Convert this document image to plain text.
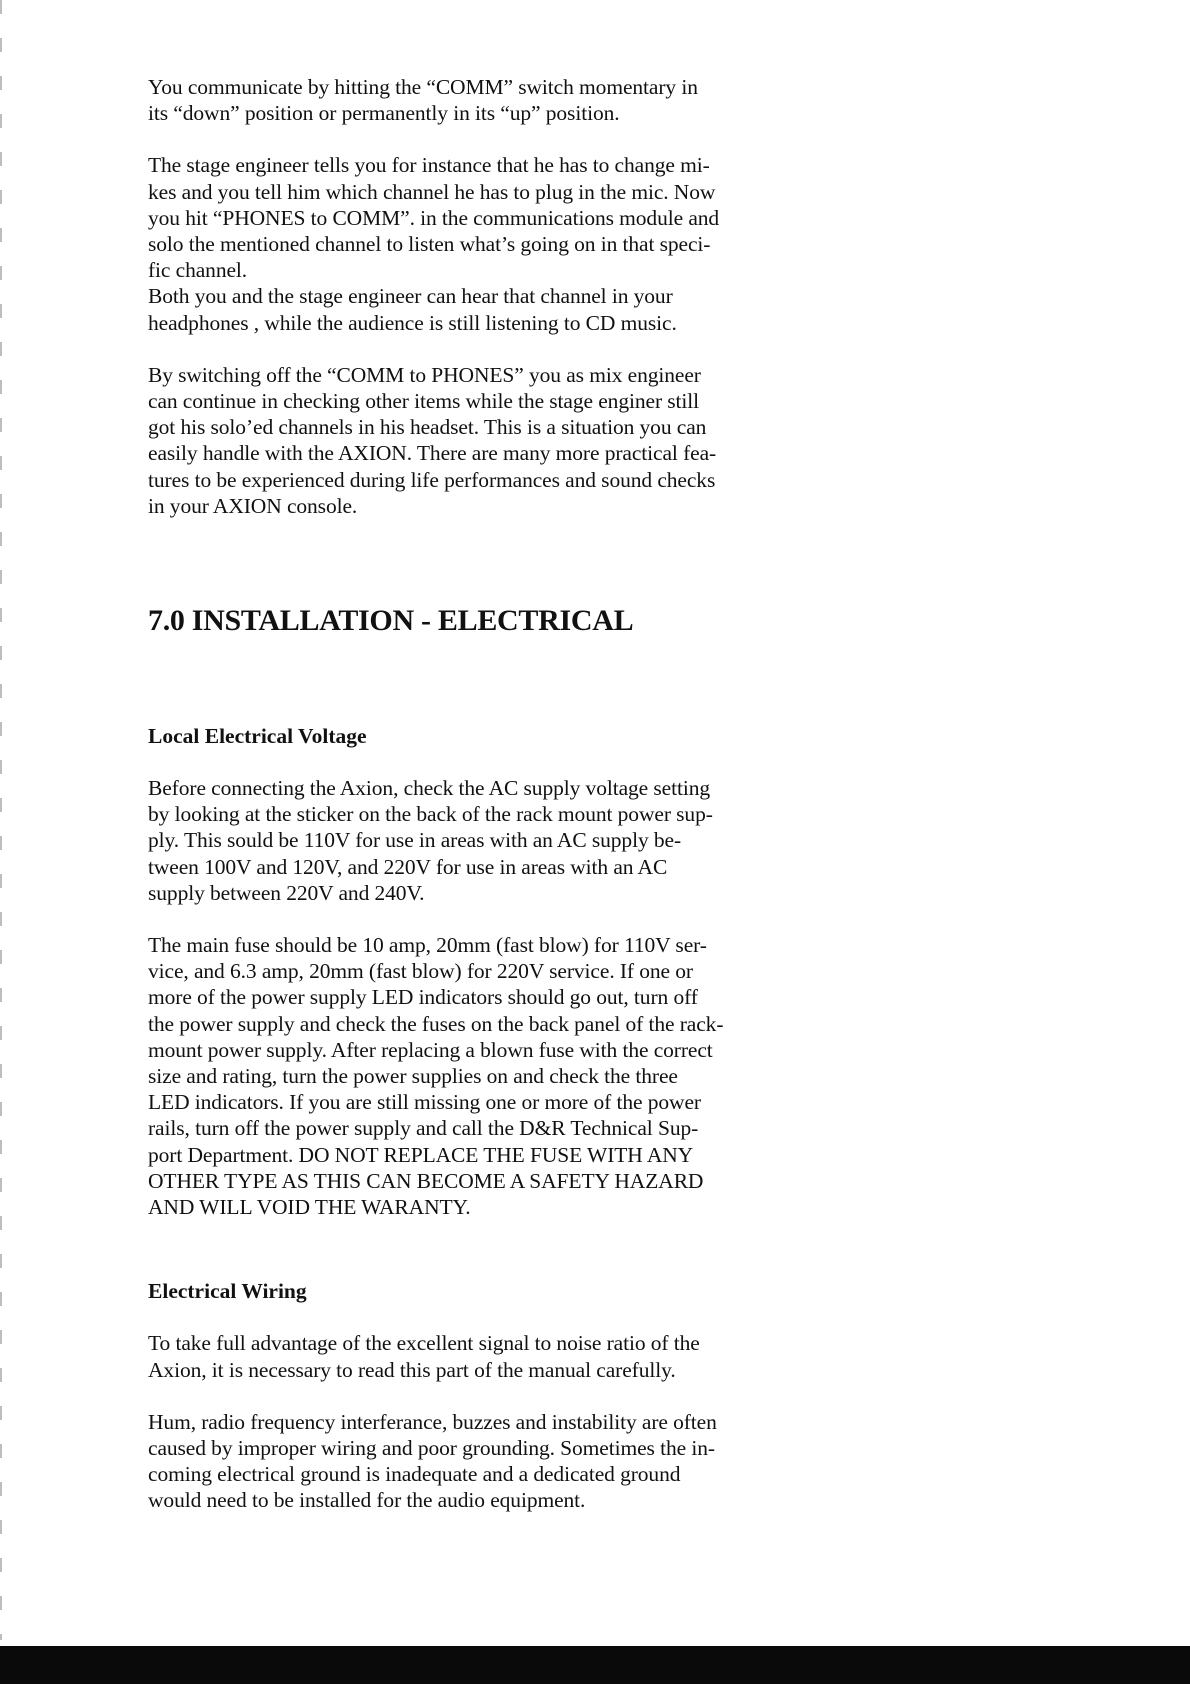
You communicate by hitting the “COMM” switch momentary in
its “down” position or permanently in its “up” position.

The stage engineer tells you for instance that he has to change mi-
kes and you tell him which channel he has to plug in the mic. Now
you hit “PHONES to COMM”. in the communications module and
solo the mentioned channel to listen what’s going on in that speci-
fic channel.

Both you and the stage engineer can hear that channel in your
headphones , while the audience is still listening to CD music.

By switching off the “COMM to PHONES” you as mix engineer
can continue in checking other items while the stage enginer still
got his solo’ed channels in his headset. This is a situation you can
easily handle with the AXION. There are many more practical fea-
tures to be experienced during life performances and sound checks
in your AXION console.

7.0 INSTALLATION - ELECTRICAL
Local Electrical Voltage

Before connecting the Axion, check the AC supply voltage setting
by looking at the sticker on the back of the rack mount power sup-
ply. This sould be 110V for use in areas with an AC supply be-
tween 100V and 120V, and 220V for use in areas with an AC
supply between 220V and 240V.

The main fuse should be 10 amp, 20mm (fast blow) for 110V ser-
vice, and 6.3 amp, 20mm (fast blow) for 220V service. If one or
more of the power supply LED indicators should go out, turn off
the power supply and check the fuses on the back panel of the rack-
mount power supply. After replacing a blown fuse with the correct
size and rating, turn the power supplies on and check the three
LED indicators. If you are still missing one or more of the power
rails, turn off the power supply and call the D&R Technical Sup-
port Department. DO NOT REPLACE THE FUSE WITH ANY
OTHER TYPE AS THIS CAN BECOME A SAFETY HAZARD
AND WILL VOID THE WARANTY.

Electrical Wiring

To take full advantage of the excellent signal to noise ratio of the
Axion, it is necessary to read this part of the manual carefully.

Hum, radio frequency interferance, buzzes and instability are often
caused by improper wiring and poor grounding. Sometimes the in-
coming electrical ground is inadequate and a dedicated ground
would need to be installed for the audio equipment.
